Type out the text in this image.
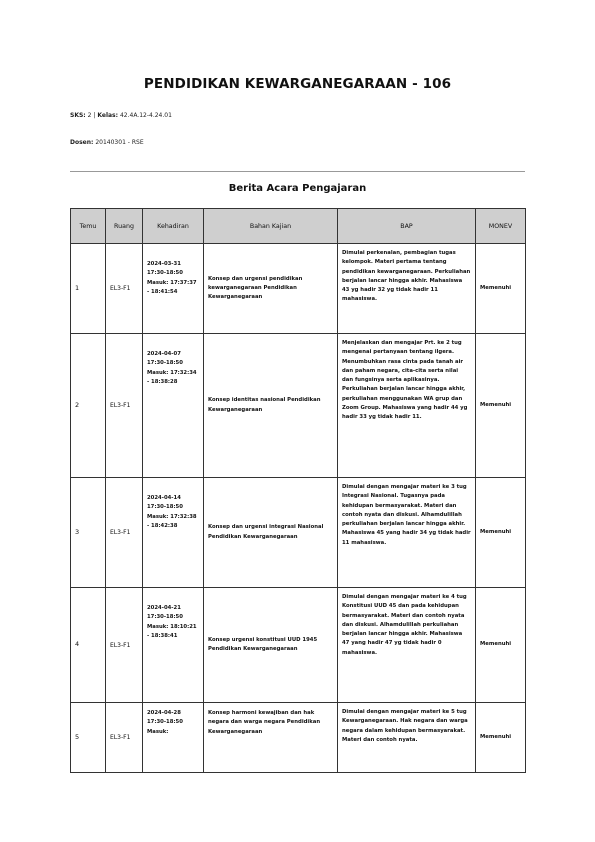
PENDIDIKAN KEWARGANEGARAAN - 106
SKS: 2 | Kelas: 42.4A.12-4.24.01
Dosen: 20140301 - RSE
Berita Acara Pengajaran
Temu	Ruang	Kehadiran	Bahan Kajian	BAP	MONEV
1	EL3-F1	2024-03-31 17:30-18:50 Masuk: 17:37:37 - 18:41:54	Konsep dan urgensi pendidikan kewarganegaraan Pendidikan Kewarganegaraan	Dimulai perkenalan, pembagian tugas kelompok. Materi pertama tentang pendidikan kewarganegaraan. Perkuliahan berjalan lancar hingga akhir. Mahasiswa 43 yg hadir 32 yg tidak hadir 11 mahasiswa.	Memenuhi
2	EL3-F1	2024-04-07 17:30-18:50 Masuk: 17:32:34 - 18:38:28	Konsep identitas nasional Pendidikan Kewarganegaraan	Menjelaskan dan mengajar Prt. ke 2 tug mengenai pertanyaan tentang ilgera. Menumbuhkan rasa cinta pada tanah air dan paham negara, cita-cita serta nilai dan fungsinya serta aplikasinya. Perkuliahan berjalan lancar hingga akhir, perkuliahan menggunakan WA grup dan Zoom Group. Mahasiswa yang hadir 44 yg hadir 33 yg tidak hadir 11.	Memenuhi
3	EL3-F1	2024-04-14 17:30-18:50 Masuk: 17:32:38 - 18:42:38	Konsep dan urgensi integrasi Nasional Pendidikan Kewarganegaraan	Dimulai dengan mengajar materi ke 3 tug Integrasi Nasional. Tugasnya pada kehidupan bermasyarakat. Materi dan contoh nyata dan diskusi. Alhamdulillah perkuliahan berjalan lancar hingga akhir. Mahasiswa 45 yang hadir 34 yg tidak hadir 11 mahasiswa.	Memenuhi
4	EL3-F1	2024-04-21 17:30-18:50 Masuk: 18:10:21 - 18:38:41	Konsep urgensi konstitusi UUD 1945 Pendidikan Kewarganegaraan	Dimulai dengan mengajar materi ke 4 tug Konstitusi UUD 45 dan pada kehidupan bermasyarakat. Materi dan contoh nyata dan diskusi. Alhamdulillah perkuliahan berjalan lancar hingga akhir. Mahasiswa 47 yang hadir 47 yg tidak hadir 0 mahasiswa.	Memenuhi
5	EL3-F1	2024-04-28 17:30-18:50 Masuk:	Konsep harmoni kewajiban dan hak negara dan warga negara Pendidikan Kewarganegaraan	Dimulai dengan mengajar materi ke 5 tug Kewarganegaraan. Hak negara dan warga negara dalam kehidupan bermasyarakat. Materi dan contoh nyata.	Memenuhi
